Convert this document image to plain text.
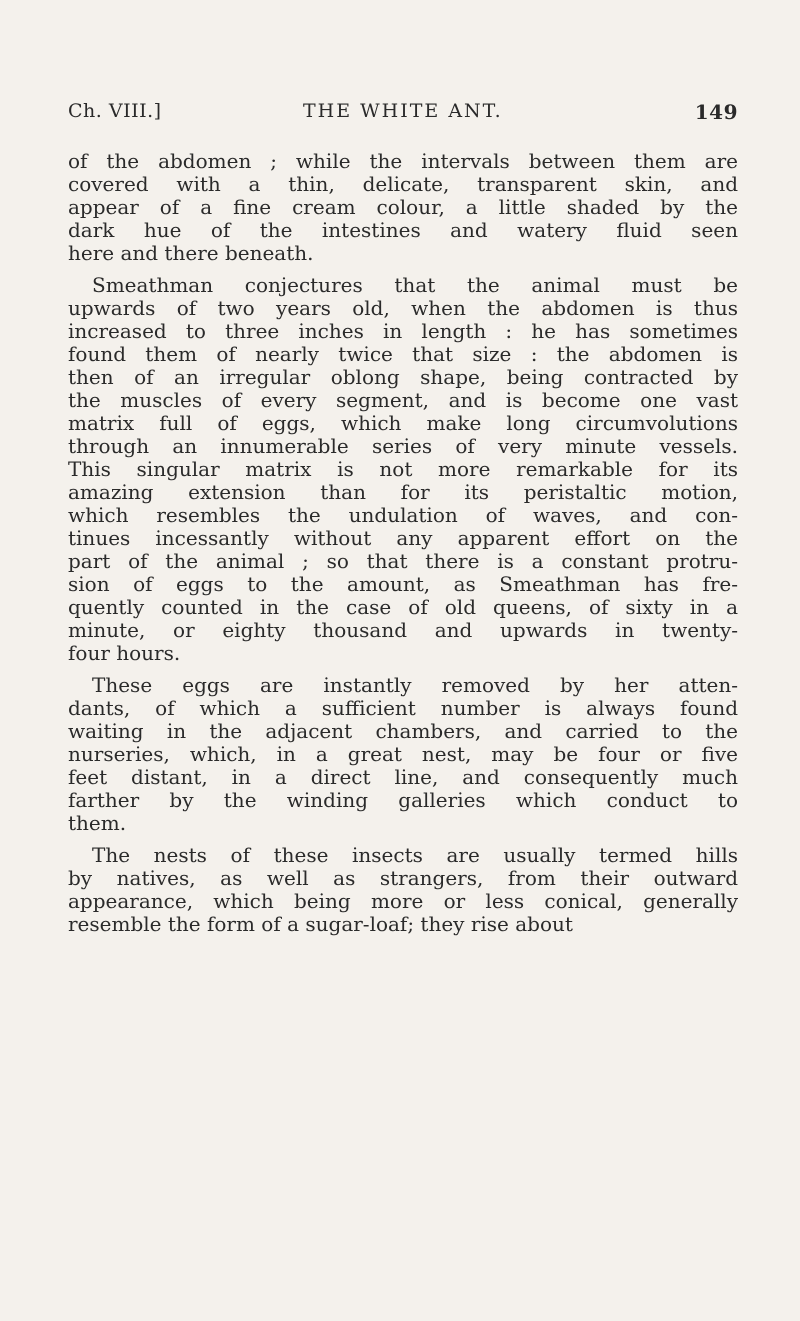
Ch. VIII.]	THE WHITE ANT.	149
of the abdomen ; while the intervals between them are
covered with a thin, delicate, transparent skin, and
appear of a fine cream colour, a little shaded by the
dark hue of the intestines and watery fluid seen
here and there beneath.
Smeathman conjectures that the animal must be
upwards of two years old, when the abdomen is thus
increased to three inches in length : he has sometimes
found them of nearly twice that size : the abdomen is
then of an irregular oblong shape, being contracted by
the muscles of every segment, and is become one vast
matrix full of eggs, which make long circumvolutions
through an innumerable series of very minute vessels.
This singular matrix is not more remarkable for its
amazing extension than for its peristaltic motion,
which resembles the undulation of waves, and con-
tinues incessantly without any apparent effort on the
part of the animal ; so that there is a constant protru-
sion of eggs to the amount, as Smeathman has fre-
quently counted in the case of old queens, of sixty in a
minute, or eighty thousand and upwards in twenty-
four hours.
These eggs are instantly removed by her atten-
dants, of which a sufficient number is always found
waiting in the adjacent chambers, and carried to the
nurseries, which, in a great nest, may be four or five
feet distant, in a direct line, and consequently much
farther by the winding galleries which conduct to
them.
The nests of these insects are usually termed hills
by natives, as well as strangers, from their outward
appearance, which being more or less conical, generally
resemble the form of a sugar-loaf; they rise about
